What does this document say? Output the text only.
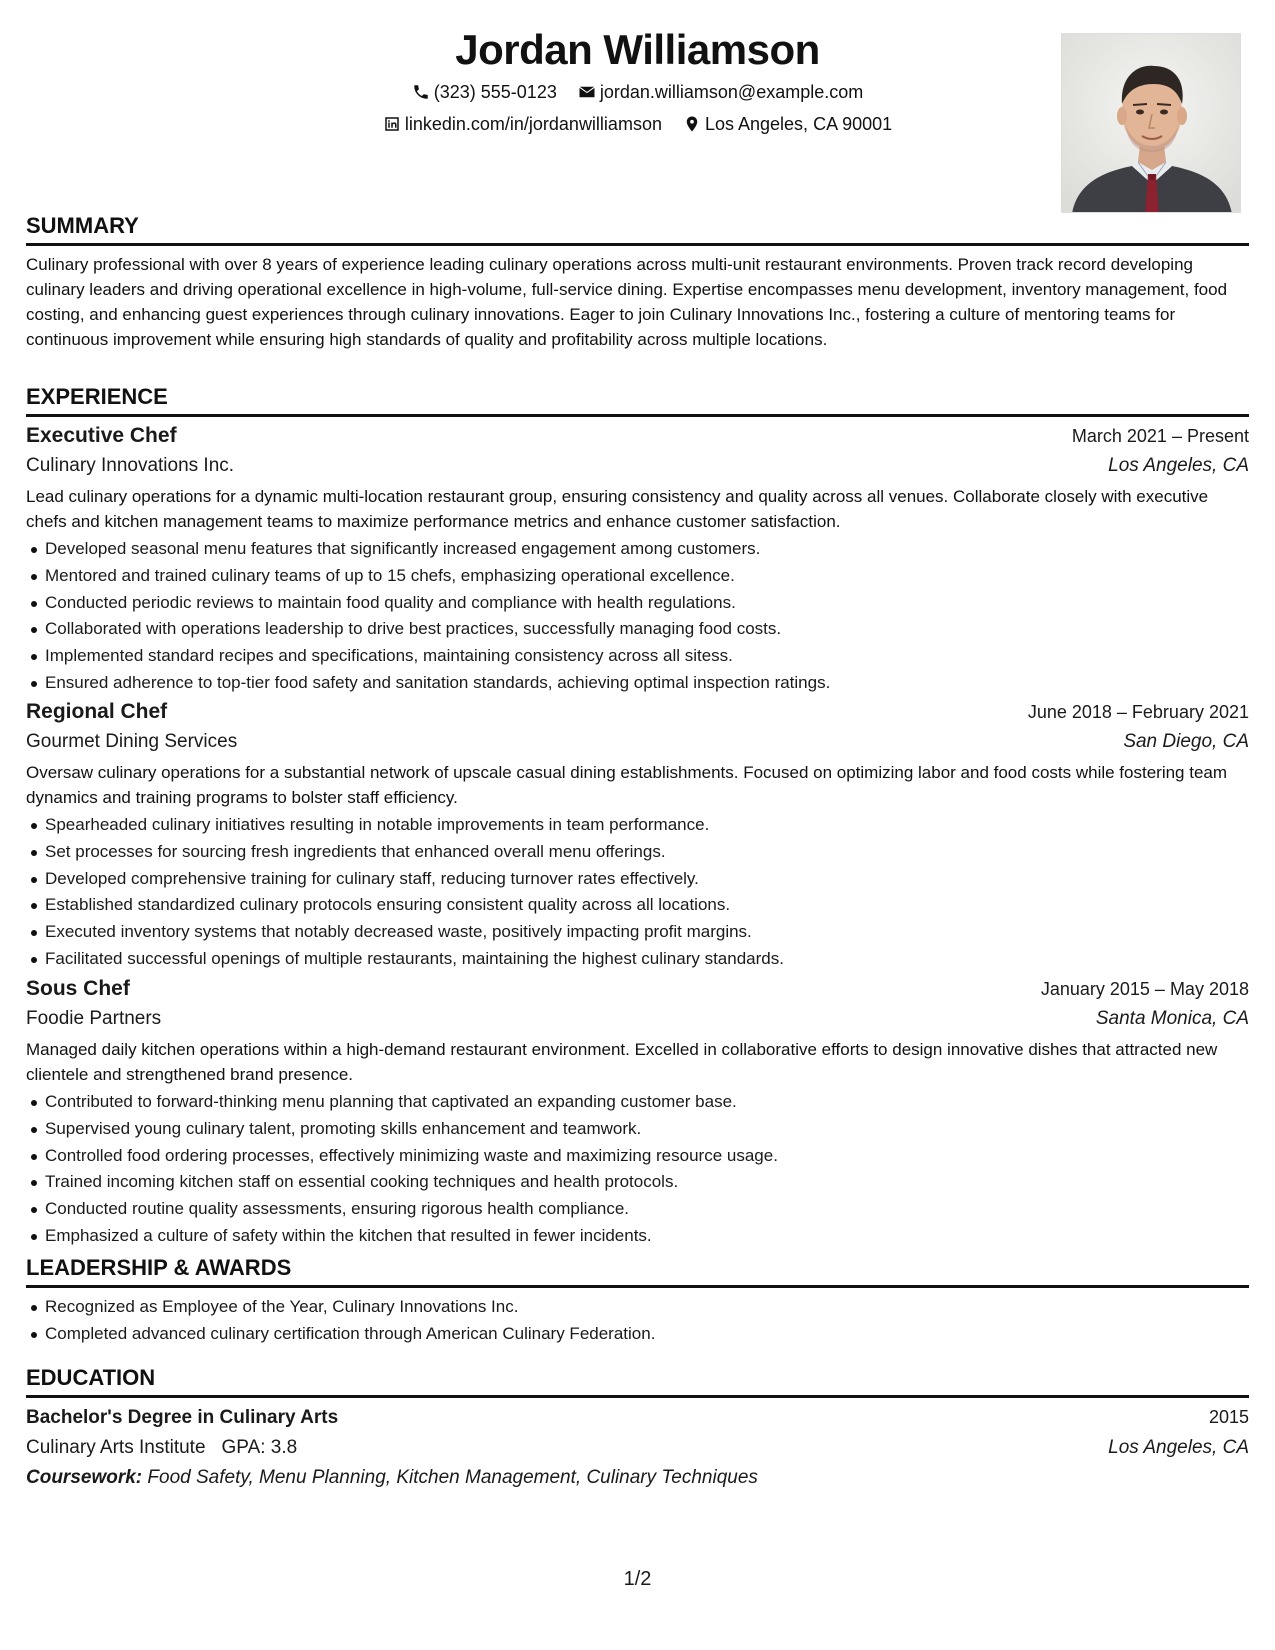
Jordan Williamson
(323) 555-0123
jordan.williamson@example.com
linkedin.com/in/jordanwilliamson
Los Angeles, CA 90001
SUMMARY
Culinary professional with over 8 years of experience leading culinary operations across multi-unit restaurant environments. Proven track record developing culinary leaders and driving operational excellence in high-volume, full-service dining. Expertise encompasses menu development, inventory management, food costing, and enhancing guest experiences through culinary innovations. Eager to join Culinary Innovations Inc., fostering a culture of mentoring teams for continuous improvement while ensuring high standards of quality and profitability across multiple locations.
EXPERIENCE
Executive Chef	March 2021 – Present
Culinary Innovations Inc.	Los Angeles, CA
Lead culinary operations for a dynamic multi-location restaurant group, ensuring consistency and quality across all venues. Collaborate closely with executive chefs and kitchen management teams to maximize performance metrics and enhance customer satisfaction.
Developed seasonal menu features that significantly increased engagement among customers.
Mentored and trained culinary teams of up to 15 chefs, emphasizing operational excellence.
Conducted periodic reviews to maintain food quality and compliance with health regulations.
Collaborated with operations leadership to drive best practices, successfully managing food costs.
Implemented standard recipes and specifications, maintaining consistency across all sitess.
Ensured adherence to top-tier food safety and sanitation standards, achieving optimal inspection ratings.
Regional Chef	June 2018 – February 2021
Gourmet Dining Services	San Diego, CA
Oversaw culinary operations for a substantial network of upscale casual dining establishments. Focused on optimizing labor and food costs while fostering team dynamics and training programs to bolster staff efficiency.
Spearheaded culinary initiatives resulting in notable improvements in team performance.
Set processes for sourcing fresh ingredients that enhanced overall menu offerings.
Developed comprehensive training for culinary staff, reducing turnover rates effectively.
Established standardized culinary protocols ensuring consistent quality across all locations.
Executed inventory systems that notably decreased waste, positively impacting profit margins.
Facilitated successful openings of multiple restaurants, maintaining the highest culinary standards.
Sous Chef	January 2015 – May 2018
Foodie Partners	Santa Monica, CA
Managed daily kitchen operations within a high-demand restaurant environment. Excelled in collaborative efforts to design innovative dishes that attracted new clientele and strengthened brand presence.
Contributed to forward-thinking menu planning that captivated an expanding customer base.
Supervised young culinary talent, promoting skills enhancement and teamwork.
Controlled food ordering processes, effectively minimizing waste and maximizing resource usage.
Trained incoming kitchen staff on essential cooking techniques and health protocols.
Conducted routine quality assessments, ensuring rigorous health compliance.
Emphasized a culture of safety within the kitchen that resulted in fewer incidents.
LEADERSHIP & AWARDS
Recognized as Employee of the Year, Culinary Innovations Inc.
Completed advanced culinary certification through American Culinary Federation.
EDUCATION
Bachelor's Degree in Culinary Arts	2015
Culinary Arts Institute GPA: 3.8	Los Angeles, CA
Coursework: Food Safety, Menu Planning, Kitchen Management, Culinary Techniques
1/2
